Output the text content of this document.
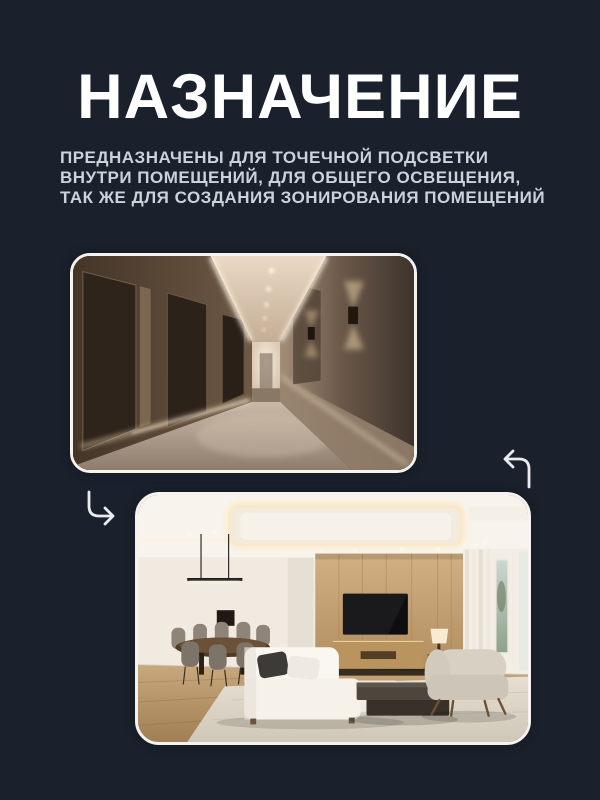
НАЗНАЧЕНИЕ
ПРЕДНАЗНАЧЕНЫ ДЛЯ ТОЧЕЧНОЙ ПОДСВЕТКИ
ВНУТРИ ПОМЕЩЕНИЙ, ДЛЯ ОБЩЕГО ОСВЕЩЕНИЯ,
ТАК ЖЕ ДЛЯ СОЗДАНИЯ ЗОНИРОВАНИЯ ПОМЕЩЕНИЙ
